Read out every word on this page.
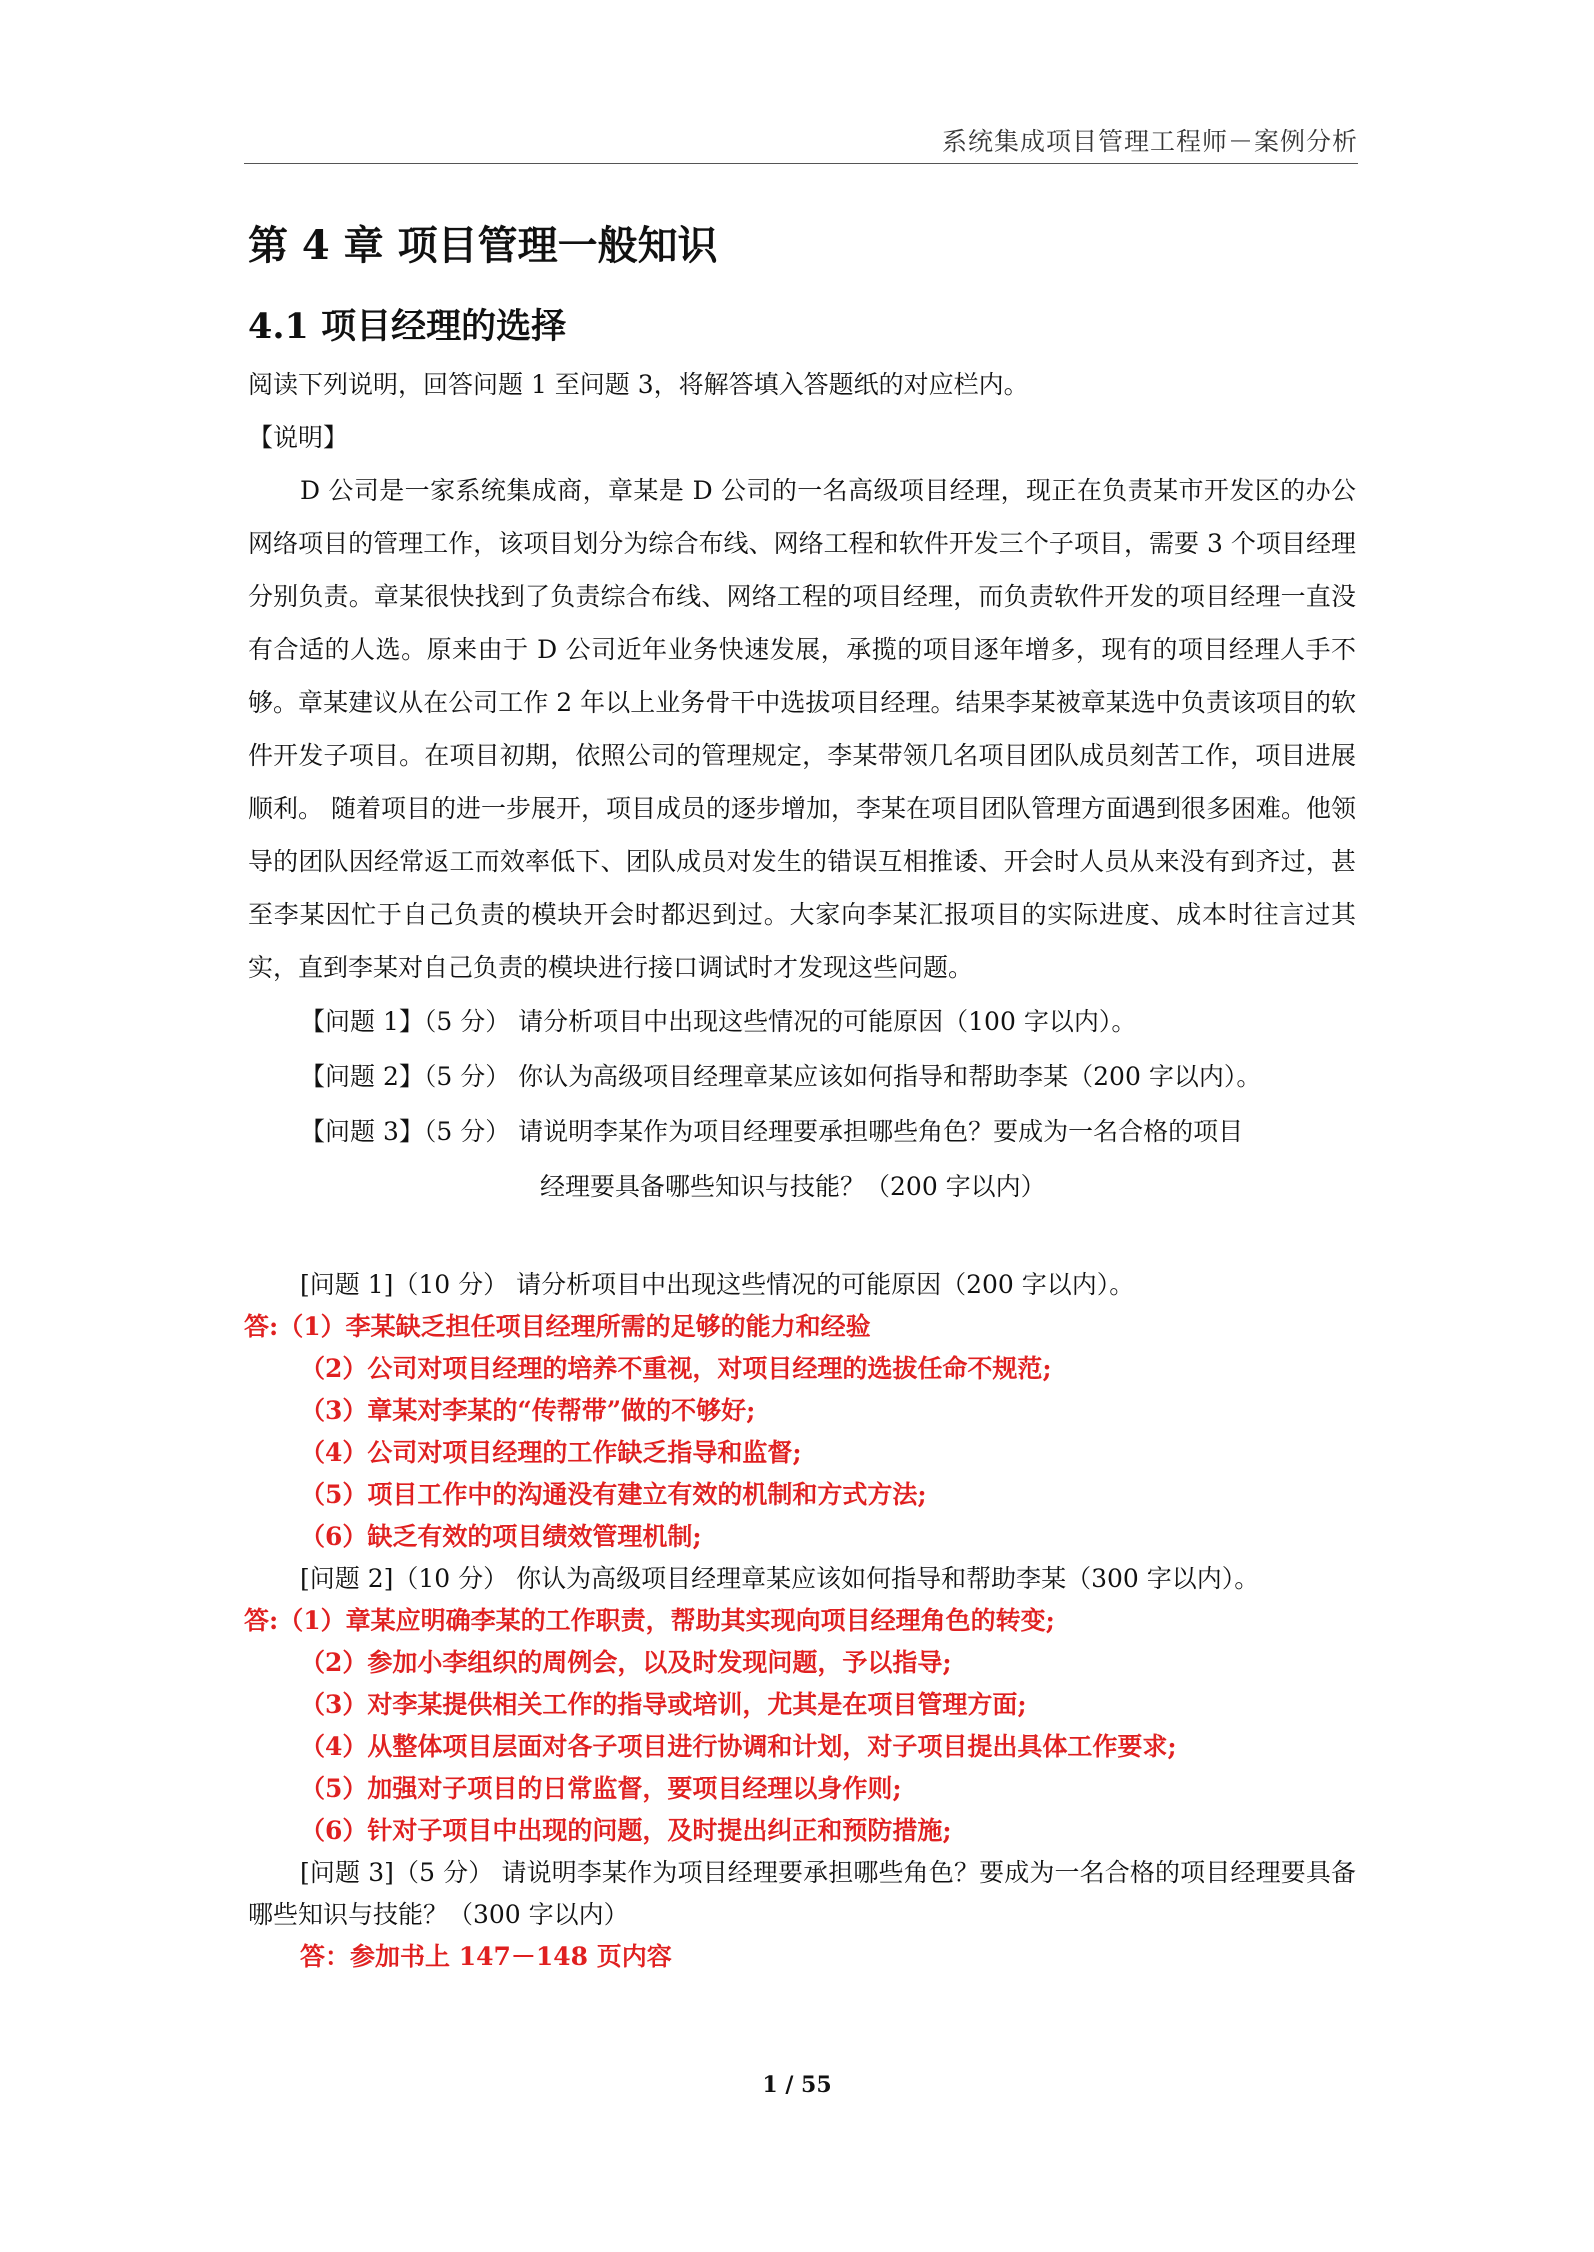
系统集成项目管理工程师－案例分析
第 4 章 项目管理一般知识
4.1 项目经理的选择

阅读下列说明，回答问题 1 至问题 3，将解答填入答题纸的对应栏内。

【说明】

D 公司是一家系统集成商，章某是 D 公司的一名高级项目经理，现正在负责某市开发区的办公网络项目的管理工作，该项目划分为综合布线、网络工程和软件开发三个子项目，需要 3 个项目经理分别负责。章某很快找到了负责综合布线、网络工程的项目经理，而负责软件开发的项目经理一直没有合适的人选。原来由于 D 公司近年业务快速发展，承揽的项目逐年增多，现有的项目经理人手不够。章某建议从在公司工作 2 年以上业务骨干中选拔项目经理。结果李某被章某选中负责该项目的软件开发子项目。在项目初期，依照公司的管理规定，李某带领几名项目团队成员刻苦工作，项目进展顺利。 随着项目的进一步展开，项目成员的逐步增加，李某在项目团队管理方面遇到很多困难。他领导的团队因经常返工而效率低下、团队成员对发生的错误互相推诿、开会时人员从来没有到齐过，甚至李某因忙于自己负责的模块开会时都迟到过。大家向李某汇报项目的实际进度、成本时往言过其实，直到李某对自己负责的模块进行接口调试时才发现这些问题。

【问题 1】（5 分） 请分析项目中出现这些情况的可能原因（100 字以内）。

【问题 2】（5 分） 你认为高级项目经理章某应该如何指导和帮助李某（200 字以内）。

【问题 3】（5 分） 请说明李某作为项目经理要承担哪些角色？要成为一名合格的项目

经理要具备哪些知识与技能？（200 字以内）

[问题 1]（10 分） 请分析项目中出现这些情况的可能原因（200 字以内）。

答:（1）李某缺乏担任项目经理所需的足够的能力和经验

（2）公司对项目经理的培养不重视，对项目经理的选拔任命不规范;

（3）章某对李某的“传帮带”做的不够好;

（4）公司对项目经理的工作缺乏指导和监督;

（5）项目工作中的沟通没有建立有效的机制和方式方法;

（6）缺乏有效的项目绩效管理机制;

[问题 2]（10 分） 你认为高级项目经理章某应该如何指导和帮助李某（300 字以内）。

答:（1）章某应明确李某的工作职责，帮助其实现向项目经理角色的转变;

（2）参加小李组织的周例会，以及时发现问题，予以指导;

（3）对李某提供相关工作的指导或培训，尤其是在项目管理方面;

（4）从整体项目层面对各子项目进行协调和计划，对子项目提出具体工作要求;

（5）加强对子项目的日常监督，要项目经理以身作则;

（6）针对子项目中出现的问题，及时提出纠正和预防措施;

[问题 3]（5 分） 请说明李某作为项目经理要承担哪些角色？要成为一名合格的项目经理要具备哪些知识与技能？（300 字以内）

答：参加书上 147－148 页内容

1 / 55
